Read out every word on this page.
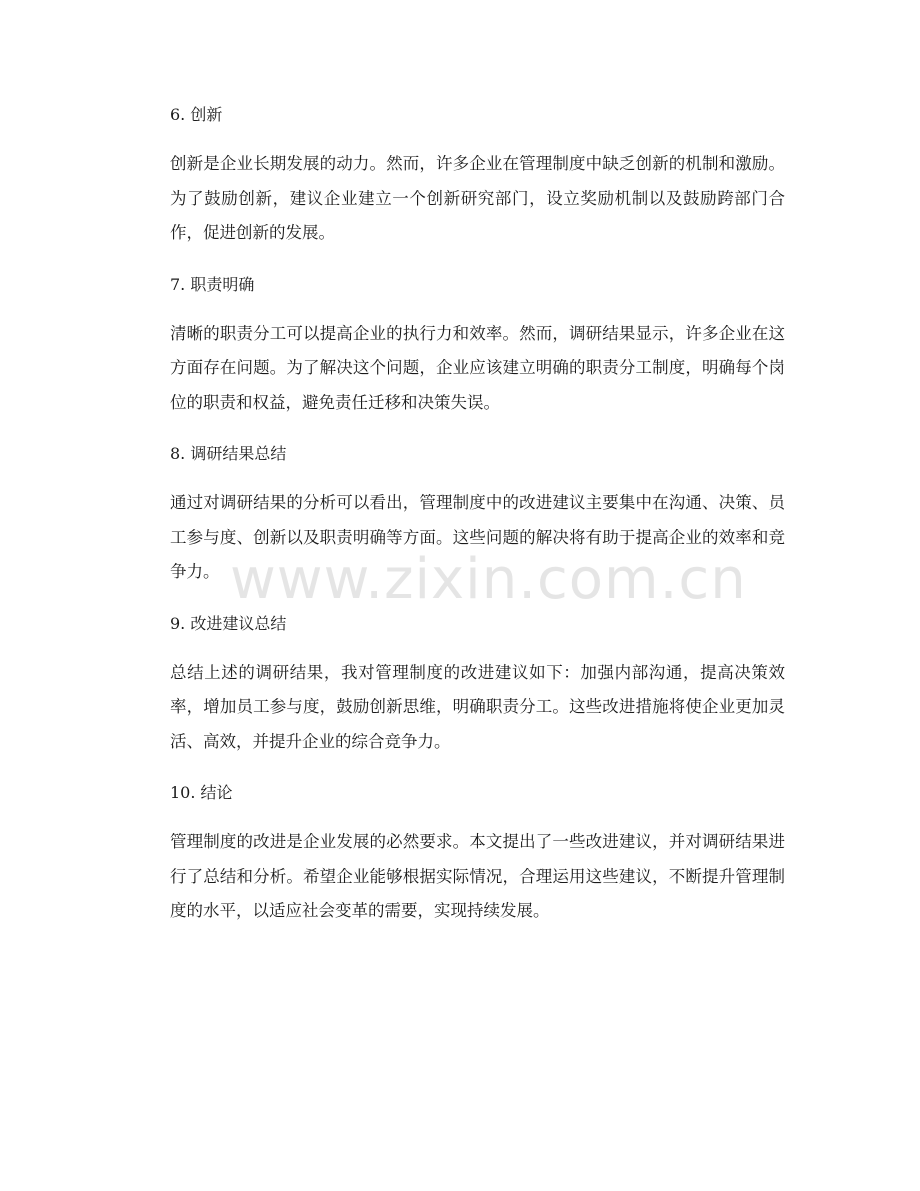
6. 创新
创新是企业长期发展的动力。然而，许多企业在管理制度中缺乏创新的机制和激励。为了鼓励创新，建议企业建立一个创新研究部门，设立奖励机制以及鼓励跨部门合作，促进创新的发展。
7. 职责明确
清晰的职责分工可以提高企业的执行力和效率。然而，调研结果显示，许多企业在这方面存在问题。为了解决这个问题，企业应该建立明确的职责分工制度，明确每个岗位的职责和权益，避免责任迁移和决策失误。
8. 调研结果总结
通过对调研结果的分析可以看出，管理制度中的改进建议主要集中在沟通、决策、员工参与度、创新以及职责明确等方面。这些问题的解决将有助于提高企业的效率和竞争力。
9. 改进建议总结
总结上述的调研结果，我对管理制度的改进建议如下：加强内部沟通，提高决策效率，增加员工参与度，鼓励创新思维，明确职责分工。这些改进措施将使企业更加灵活、高效，并提升企业的综合竞争力。
10. 结论
管理制度的改进是企业发展的必然要求。本文提出了一些改进建议，并对调研结果进行了总结和分析。希望企业能够根据实际情况，合理运用这些建议，不断提升管理制度的水平，以适应社会变革的需要，实现持续发展。
www.zixin.com.cn
